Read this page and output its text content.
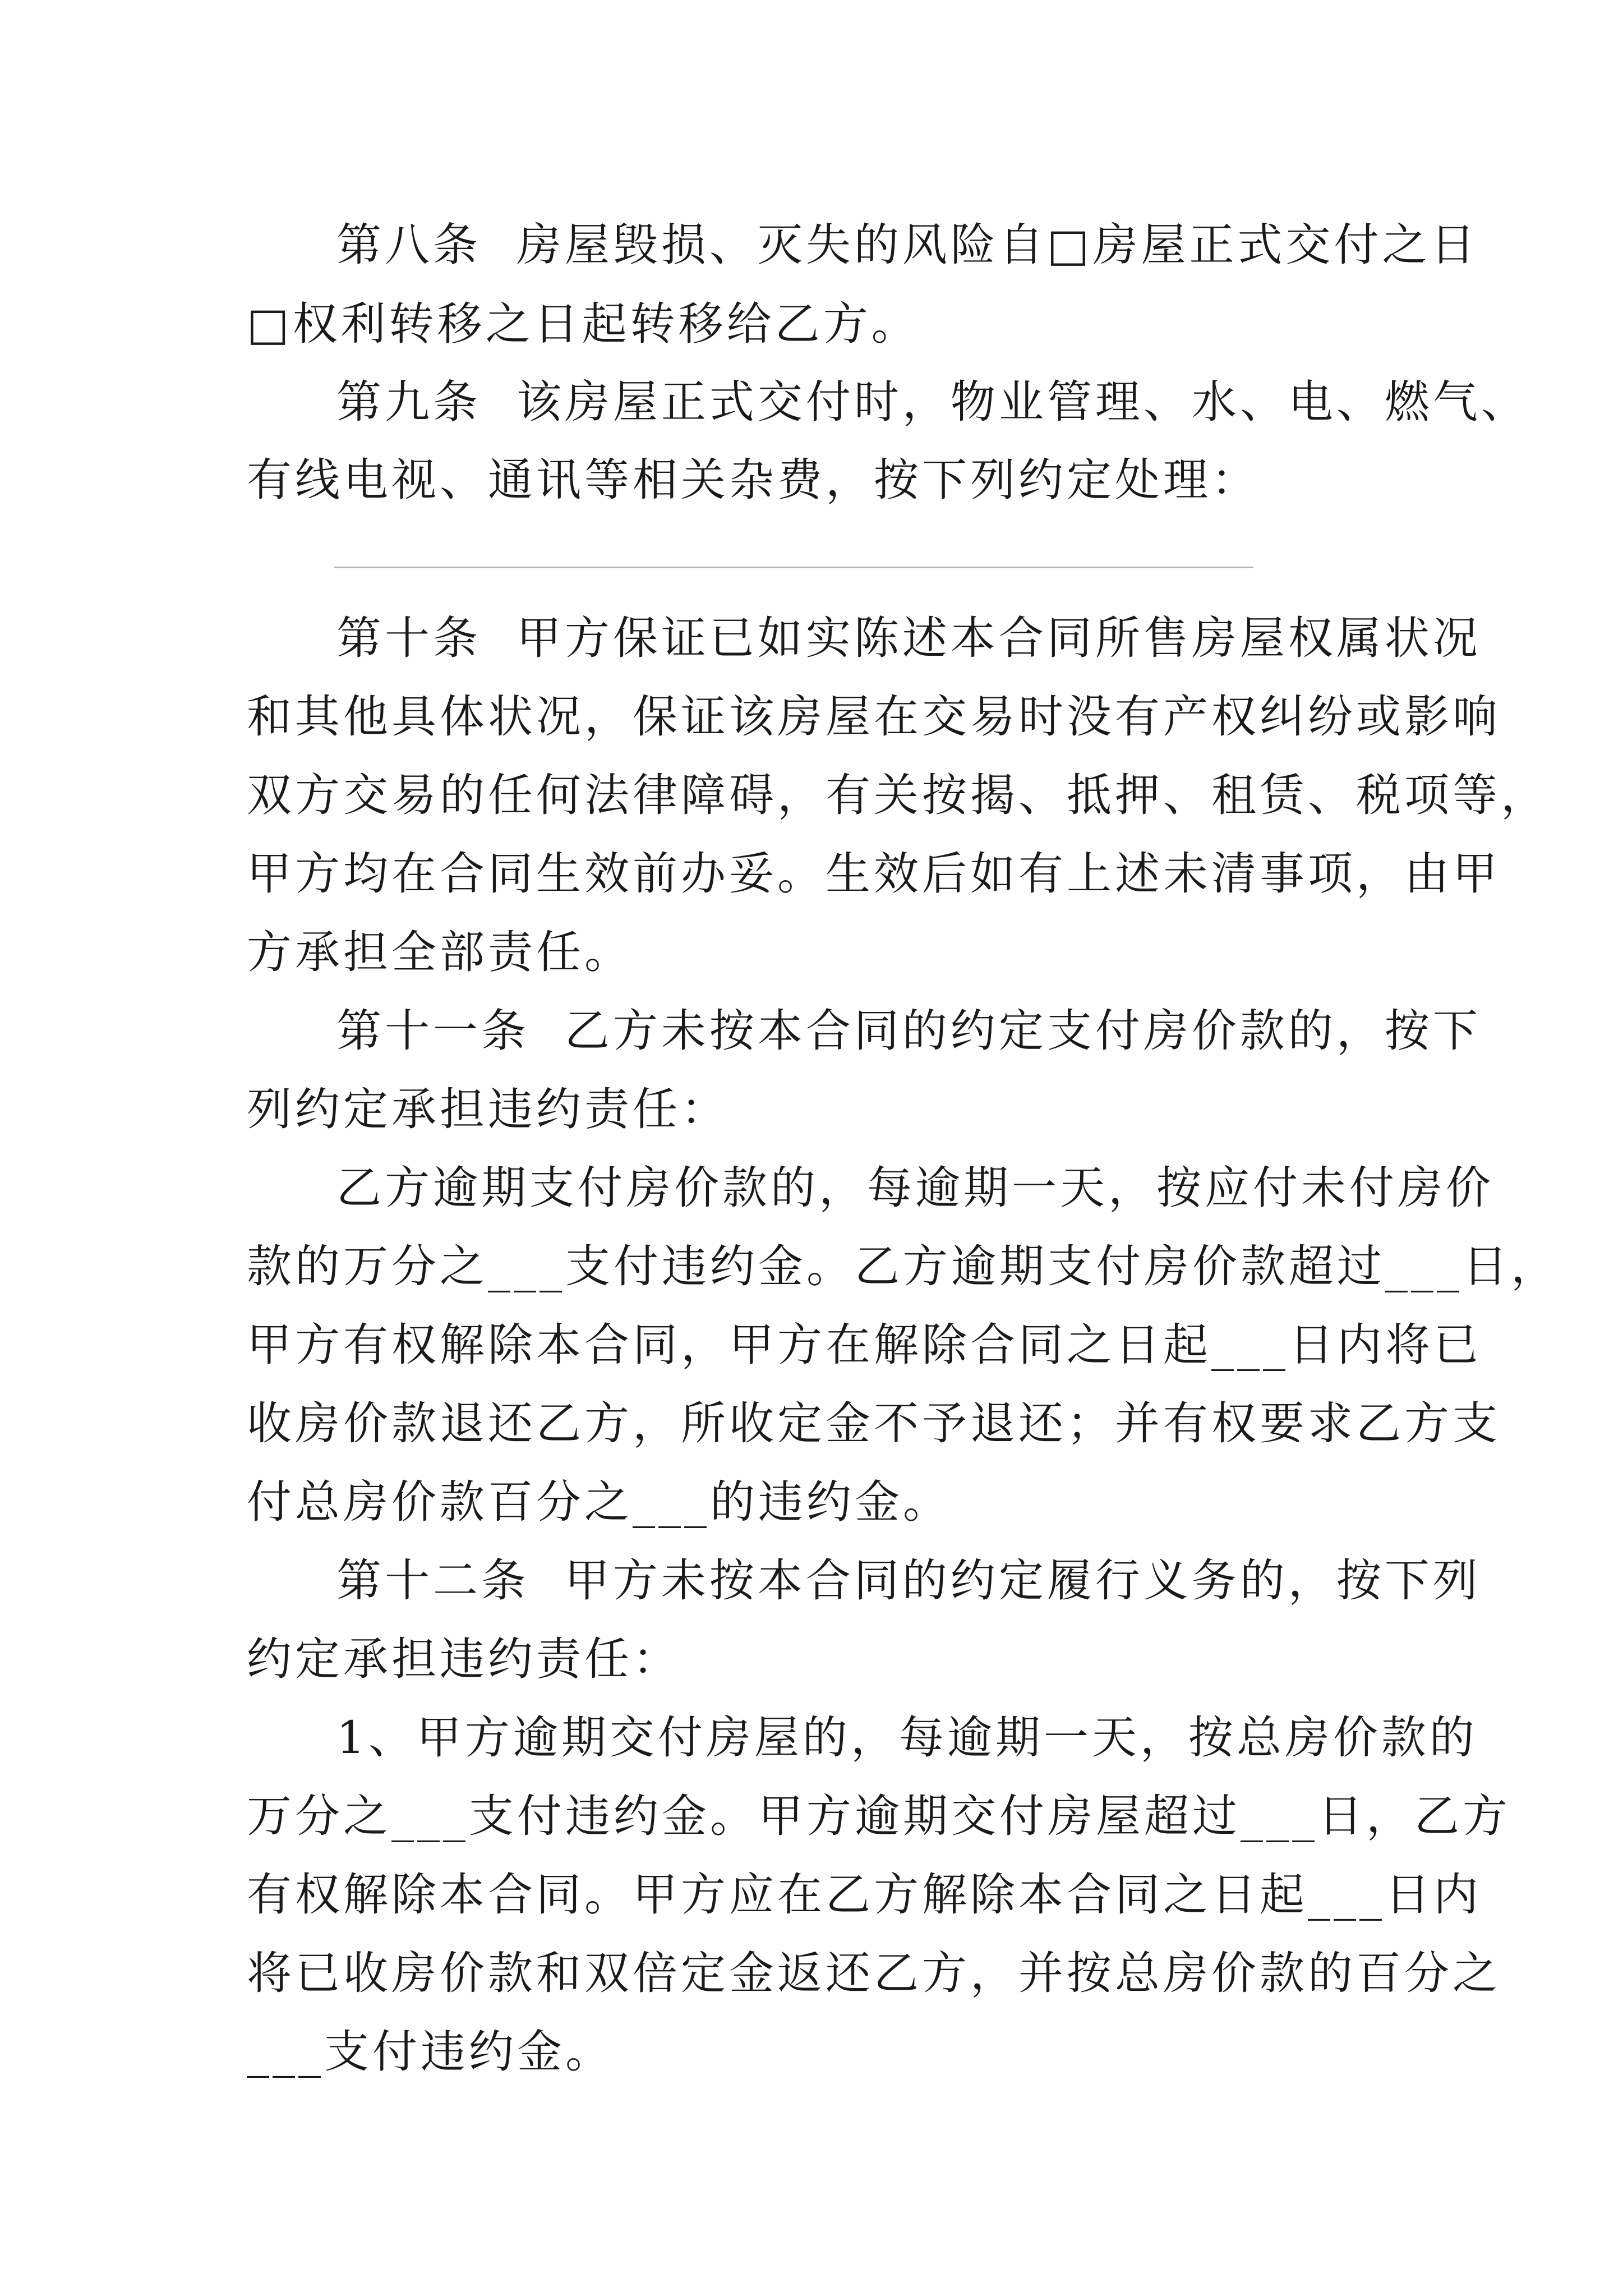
第八条  房屋毁损、灭失的风险自□房屋正式交付之日
□权利转移之日起转移给乙方。
第九条  该房屋正式交付时，物业管理、水、电、燃气、
有线电视、通讯等相关杂费，按下列约定处理：
第十条  甲方保证已如实陈述本合同所售房屋权属状况
和其他具体状况，保证该房屋在交易时没有产权纠纷或影响
双方交易的任何法律障碍，有关按揭、抵押、租赁、税项等，
甲方均在合同生效前办妥。生效后如有上述未清事项，由甲
方承担全部责任。
第十一条  乙方未按本合同的约定支付房价款的，按下
列约定承担违约责任：
乙方逾期支付房价款的，每逾期一天，按应付未付房价
款的万分之___支付违约金。乙方逾期支付房价款超过___日，
甲方有权解除本合同，甲方在解除合同之日起___日内将已
收房价款退还乙方，所收定金不予退还；并有权要求乙方支
付总房价款百分之___的违约金。
第十二条  甲方未按本合同的约定履行义务的，按下列
约定承担违约责任：
1、甲方逾期交付房屋的，每逾期一天，按总房价款的
万分之___支付违约金。甲方逾期交付房屋超过___日，乙方
有权解除本合同。甲方应在乙方解除本合同之日起___日内
将已收房价款和双倍定金返还乙方，并按总房价款的百分之
___支付违约金。
